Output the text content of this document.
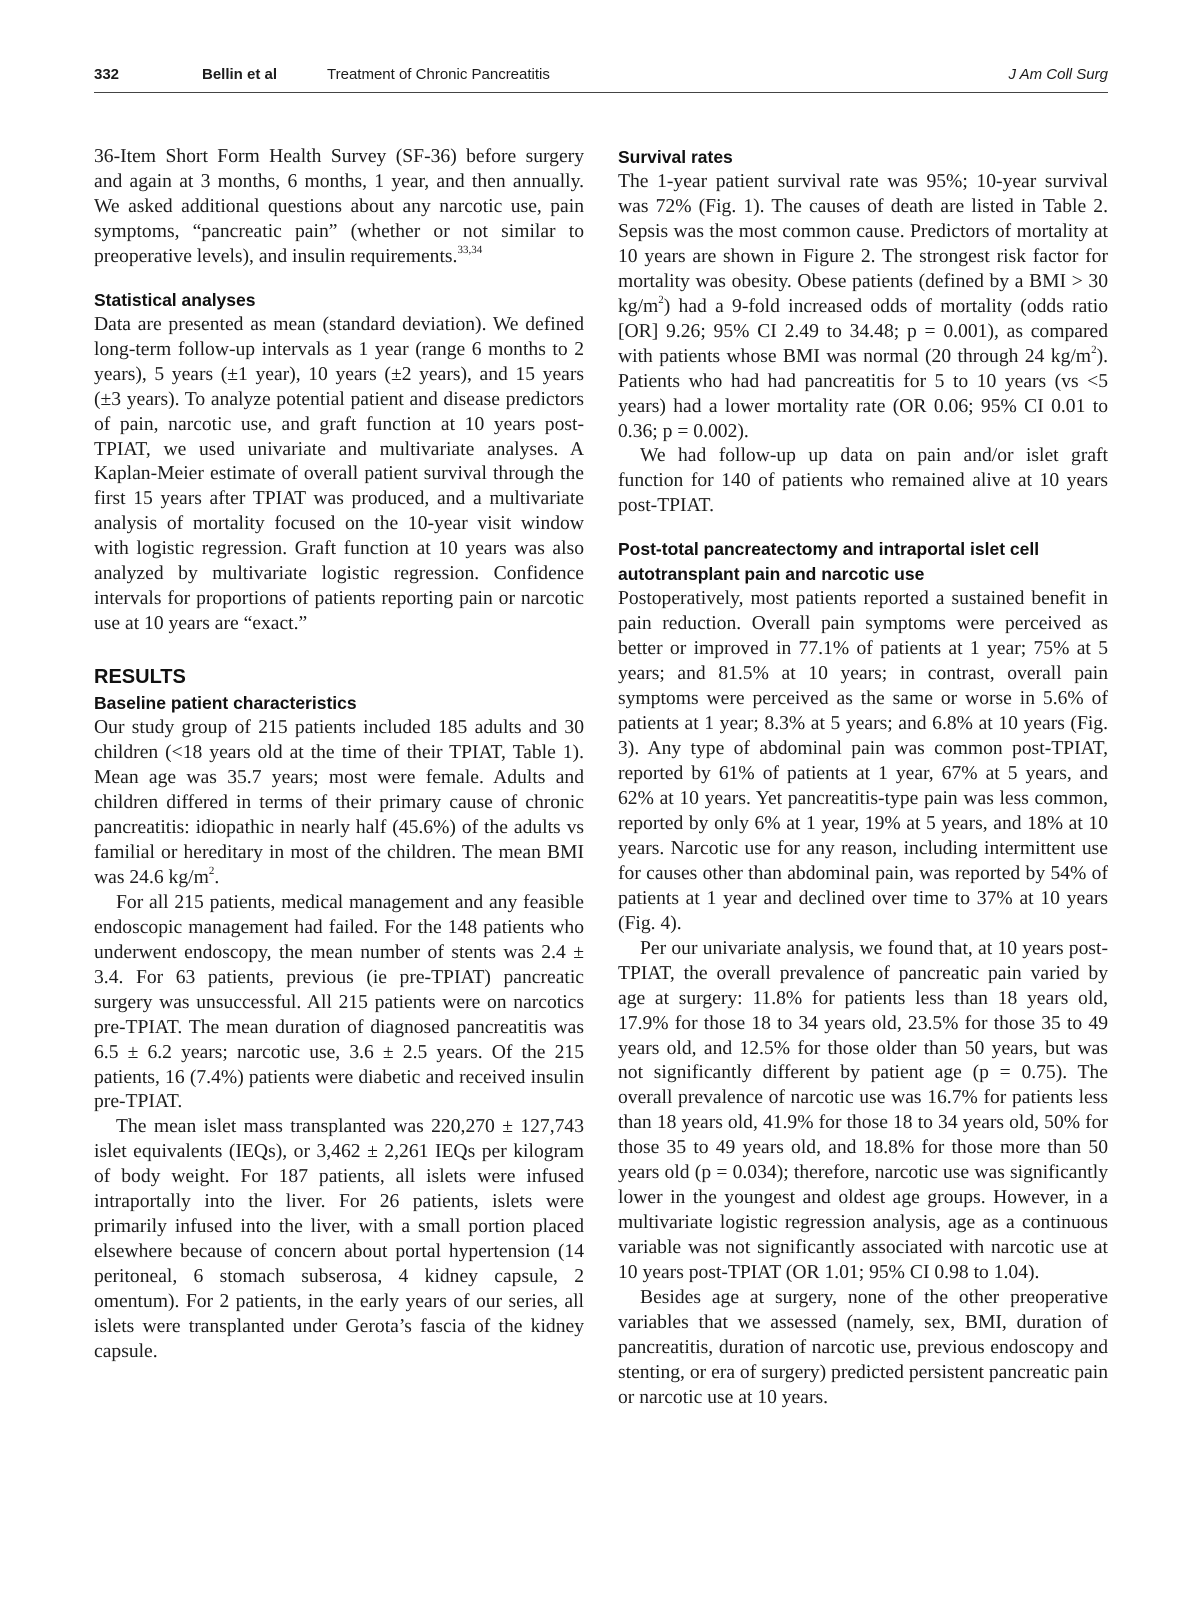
332	Bellin et al	Treatment of Chronic Pancreatitis	J Am Coll Surg

36-Item Short Form Health Survey (SF-36) before surgery and again at 3 months, 6 months, 1 year, and then annually. We asked additional questions about any narcotic use, pain symptoms, “pancreatic pain” (whether or not similar to preoperative levels), and insulin requirements.$^{33,34}$

Statistical analyses

Data are presented as mean (standard deviation). We defined long-term follow-up intervals as 1 year (range 6 months to 2 years), 5 years (±1 year), 10 years (±2 years), and 15 years (±3 years). To analyze potential patient and disease predictors of pain, narcotic use, and graft function at 10 years post-TPIAT, we used univariate and multivariate analyses. A Kaplan-Meier estimate of overall patient survival through the first 15 years after TPIAT was produced, and a multivariate analysis of mortality focused on the 10-year visit window with logistic regression. Graft function at 10 years was also analyzed by multivariate logistic regression. Confidence intervals for proportions of patients reporting pain or narcotic use at 10 years are “exact.”

RESULTS
Baseline patient characteristics

Our study group of 215 patients included 185 adults and 30 children (<18 years old at the time of their TPIAT, Table 1). Mean age was 35.7 years; most were female. Adults and children differed in terms of their primary cause of chronic pancreatitis: idiopathic in nearly half (45.6%) of the adults vs familial or hereditary in most of the children. The mean BMI was 24.6 $kg/m^2$.

For all 215 patients, medical management and any feasible endoscopic management had failed. For the 148 patients who underwent endoscopy, the mean number of stents was 2.4 ± 3.4. For 63 patients, previous (ie pre-TPIAT) pancreatic surgery was unsuccessful. All 215 patients were on narcotics pre-TPIAT. The mean duration of diagnosed pancreatitis was 6.5 ± 6.2 years; narcotic use, 3.6 ± 2.5 years. Of the 215 patients, 16 (7.4%) patients were diabetic and received insulin pre-TPIAT.

The mean islet mass transplanted was 220,270 ± 127,743 islet equivalents (IEQs), or 3,462 ± 2,261 IEQs per kilogram of body weight. For 187 patients, all islets were infused intraportally into the liver. For 26 patients, islets were primarily infused into the liver, with a small portion placed elsewhere because of concern about portal hypertension (14 peritoneal, 6 stomach subserosa, 4 kidney capsule, 2 omentum). For 2 patients, in the early years of our series, all islets were transplanted under Gerota’s fascia of the kidney capsule.

Survival rates

The 1-year patient survival rate was 95%; 10-year survival was 72% (Fig. 1). The causes of death are listed in Table 2. Sepsis was the most common cause. Predictors of mortality at 10 years are shown in Figure 2. The strongest risk factor for mortality was obesity. Obese patients (defined by a BMI > 30 $kg/m^2$) had a 9-fold increased odds of mortality (odds ratio [OR] 9.26; 95% CI 2.49 to 34.48; p = 0.001), as compared with patients whose BMI was normal (20 through 24 $kg/m^2$). Patients who had had pancreatitis for 5 to 10 years (vs <5 years) had a lower mortality rate (OR 0.06; 95% CI 0.01 to 0.36; p = 0.002).

We had follow-up up data on pain and/or islet graft function for 140 of patients who remained alive at 10 years post-TPIAT.

Post-total pancreatectomy and intraportal islet cell autotransplant pain and narcotic use

Postoperatively, most patients reported a sustained benefit in pain reduction. Overall pain symptoms were perceived as better or improved in 77.1% of patients at 1 year; 75% at 5 years; and 81.5% at 10 years; in contrast, overall pain symptoms were perceived as the same or worse in 5.6% of patients at 1 year; 8.3% at 5 years; and 6.8% at 10 years (Fig. 3). Any type of abdominal pain was common post-TPIAT, reported by 61% of patients at 1 year, 67% at 5 years, and 62% at 10 years. Yet pancreatitis-type pain was less common, reported by only 6% at 1 year, 19% at 5 years, and 18% at 10 years. Narcotic use for any reason, including intermittent use for causes other than abdominal pain, was reported by 54% of patients at 1 year and declined over time to 37% at 10 years (Fig. 4).

Per our univariate analysis, we found that, at 10 years post-TPIAT, the overall prevalence of pancreatic pain varied by age at surgery: 11.8% for patients less than 18 years old, 17.9% for those 18 to 34 years old, 23.5% for those 35 to 49 years old, and 12.5% for those older than 50 years, but was not significantly different by patient age (p = 0.75). The overall prevalence of narcotic use was 16.7% for patients less than 18 years old, 41.9% for those 18 to 34 years old, 50% for those 35 to 49 years old, and 18.8% for those more than 50 years old (p = 0.034); therefore, narcotic use was significantly lower in the youngest and oldest age groups. However, in a multivariate logistic regression analysis, age as a continuous variable was not significantly associated with narcotic use at 10 years post-TPIAT (OR 1.01; 95% CI 0.98 to 1.04).

Besides age at surgery, none of the other preoperative variables that we assessed (namely, sex, BMI, duration of pancreatitis, duration of narcotic use, previous endoscopy and stenting, or era of surgery) predicted persistent pancreatic pain or narcotic use at 10 years.
